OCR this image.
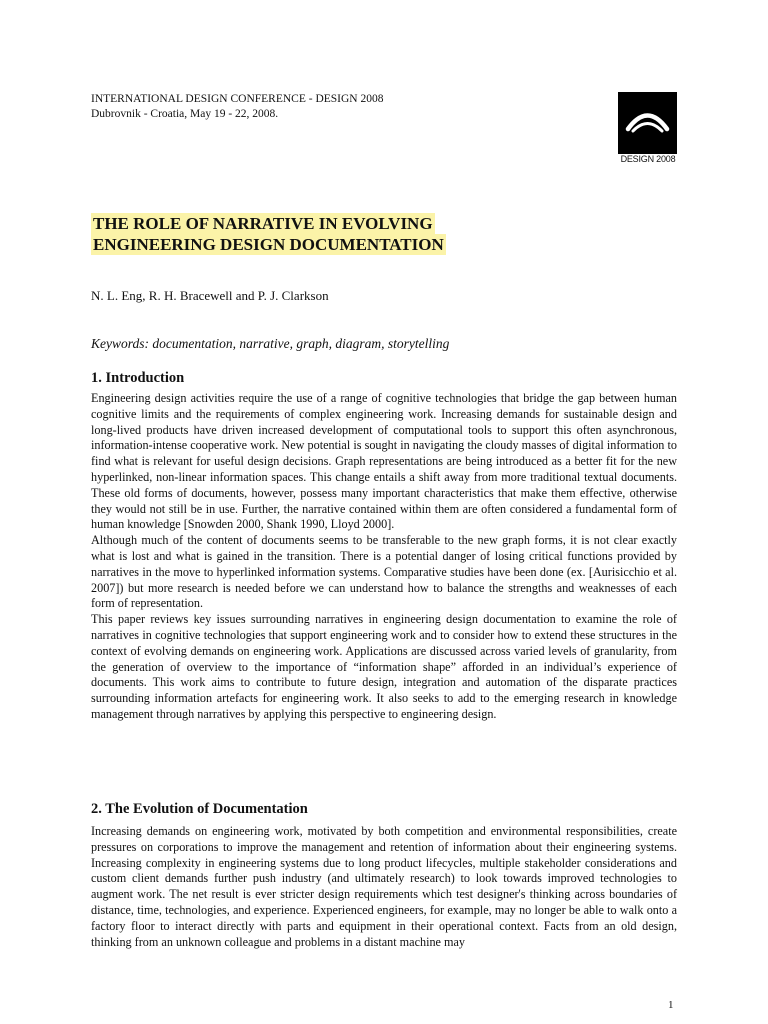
INTERNATIONAL DESIGN CONFERENCE - DESIGN 2008
Dubrovnik - Croatia, May 19 - 22, 2008.
DESIGN 2008
THE ROLE OF NARRATIVE IN EVOLVING
ENGINEERING DESIGN DOCUMENTATION
N. L. Eng, R. H. Bracewell and P. J. Clarkson
Keywords: documentation, narrative, graph, diagram, storytelling
1. Introduction

Engineering design activities require the use of a range of cognitive technologies that bridge the gap between human cognitive limits and the requirements of complex engineering work. Increasing demands for sustainable design and long-lived products have driven increased development of computational tools to support this often asynchronous, information-intense cooperative work. New potential is sought in navigating the cloudy masses of digital information to find what is relevant for useful design decisions. Graph representations are being introduced as a better fit for the new hyperlinked, non-linear information spaces. This change entails a shift away from more traditional textual documents. These old forms of documents, however, possess many important characteristics that make them effective, otherwise they would not still be in use. Further, the narrative contained within them are often considered a fundamental form of human knowledge [Snowden 2000, Shank 1990, Lloyd 2000].

Although much of the content of documents seems to be transferable to the new graph forms, it is not clear exactly what is lost and what is gained in the transition. There is a potential danger of losing critical functions provided by narratives in the move to hyperlinked information systems. Comparative studies have been done (ex. [Aurisicchio et al. 2007]) but more research is needed before we can understand how to balance the strengths and weaknesses of each form of representation.

This paper reviews key issues surrounding narratives in engineering design documentation to examine the role of narratives in cognitive technologies that support engineering work and to consider how to extend these structures in the context of evolving demands on engineering work. Applications are discussed across varied levels of granularity, from the generation of overview to the importance of “information shape” afforded in an individual’s experience of documents. This work aims to contribute to future design, integration and automation of the disparate practices surrounding information artefacts for engineering work. It also seeks to add to the emerging research in knowledge management through narratives by applying this perspective to engineering design.

2. The Evolution of Documentation

Increasing demands on engineering work, motivated by both competition and environmental responsibilities, create pressures on corporations to improve the management and retention of information about their engineering systems. Increasing complexity in engineering systems due to long product lifecycles, multiple stakeholder considerations and custom client demands further push industry (and ultimately research) to look towards improved technologies to augment work. The net result is ever stricter design requirements which test designer's thinking across boundaries of distance, time, technologies, and experience. Experienced engineers, for example, may no longer be able to walk onto a factory floor to interact directly with parts and equipment in their operational context. Facts from an old design, thinking from an unknown colleague and problems in a distant machine may

1
